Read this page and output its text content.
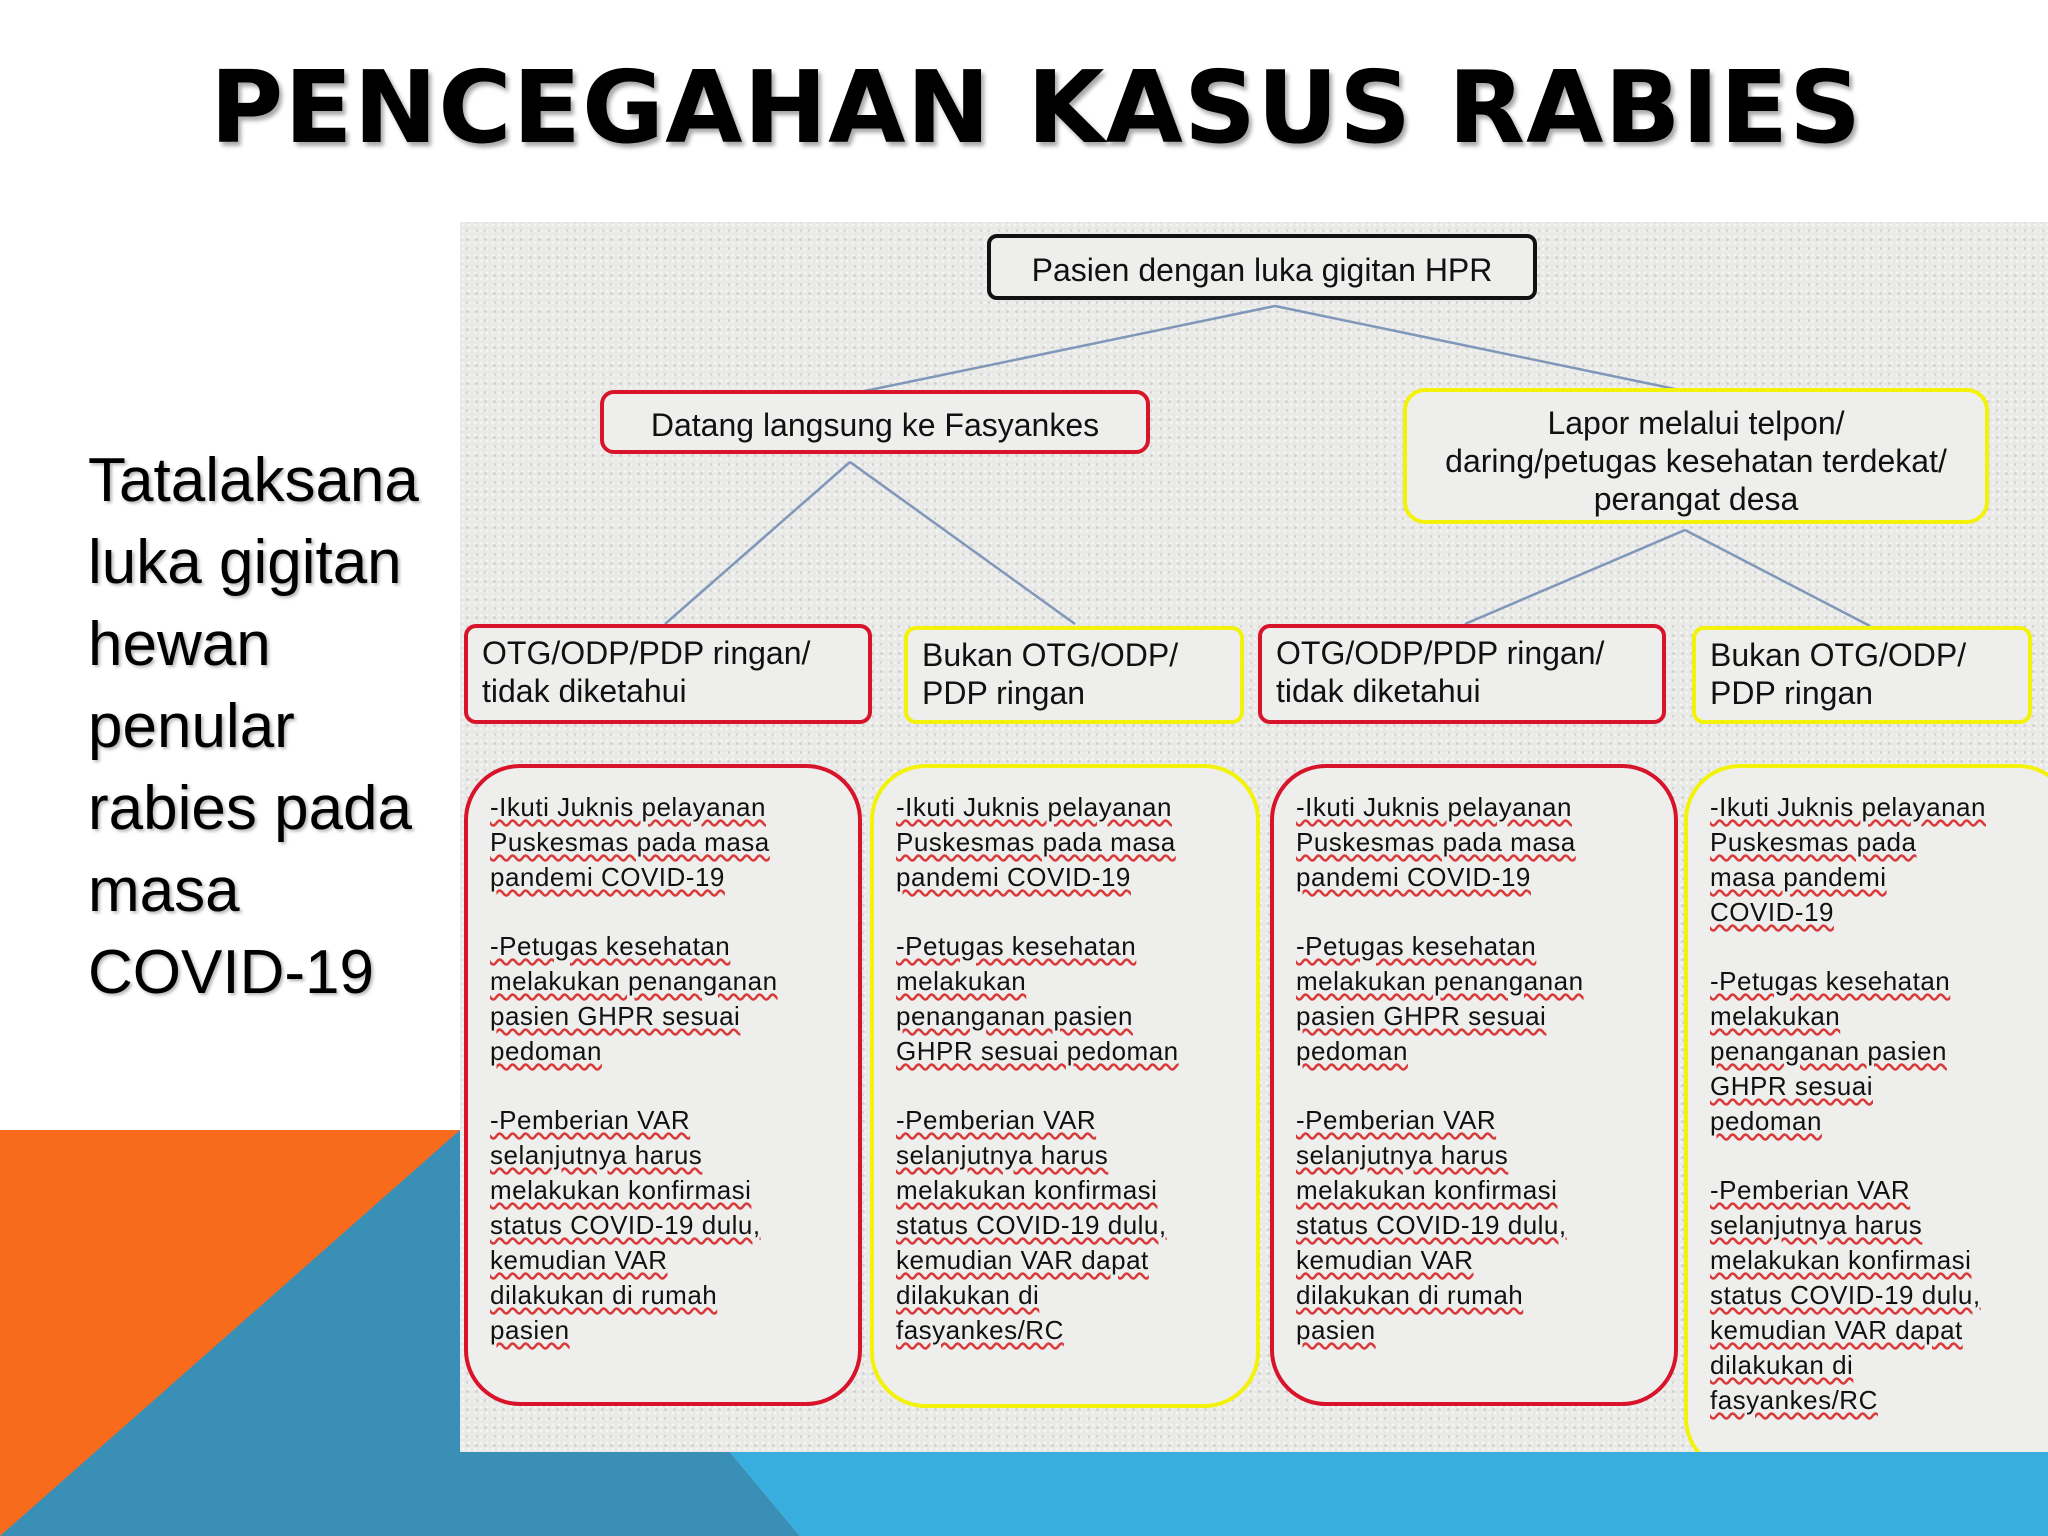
PENCEGAHAN KASUS RABIES

Tatalaksana
luka gigitan
hewan
penular
rabies pada
masa
COVID-19

Pasien dengan luka gigitan HPR
Datang langsung ke Fasyankes	Lapor melalui telpon/
daring/petugas kesehatan terdekat/
perangat desa
OTG/ODP/PDP ringan/
tidak diketahui
Bukan OTG/ODP/
PDP ringan
OTG/ODP/PDP ringan/
tidak diketahui
Bukan OTG/ODP/
PDP ringan
-Ikuti Juknis pelayanan
Puskesmas pada masa
pandemi COVID-19
-Petugas kesehatan
melakukan penanganan
pasien GHPR sesuai
pedoman
-Pemberian VAR
selanjutnya harus
melakukan konfirmasi
status COVID-19 dulu,
kemudian VAR
dilakukan di rumah
pasien
-Ikuti Juknis pelayanan
Puskesmas pada masa
pandemi COVID-19
-Petugas kesehatan
melakukan
penanganan pasien
GHPR sesuai pedoman
-Pemberian VAR
selanjutnya harus
melakukan konfirmasi
status COVID-19 dulu,
kemudian VAR dapat
dilakukan di
fasyankes/RC
-Ikuti Juknis pelayanan
Puskesmas pada masa
pandemi COVID-19
-Petugas kesehatan
melakukan penanganan
pasien GHPR sesuai
pedoman
-Pemberian VAR
selanjutnya harus
melakukan konfirmasi
status COVID-19 dulu,
kemudian VAR
dilakukan di rumah
pasien
-Ikuti Juknis pelayanan
Puskesmas pada
masa pandemi
COVID-19
-Petugas kesehatan
melakukan
penanganan pasien
GHPR sesuai
pedoman
-Pemberian VAR
selanjutnya harus
melakukan konfirmasi
status COVID-19 dulu,
kemudian VAR dapat
dilakukan di
fasyankes/RC
